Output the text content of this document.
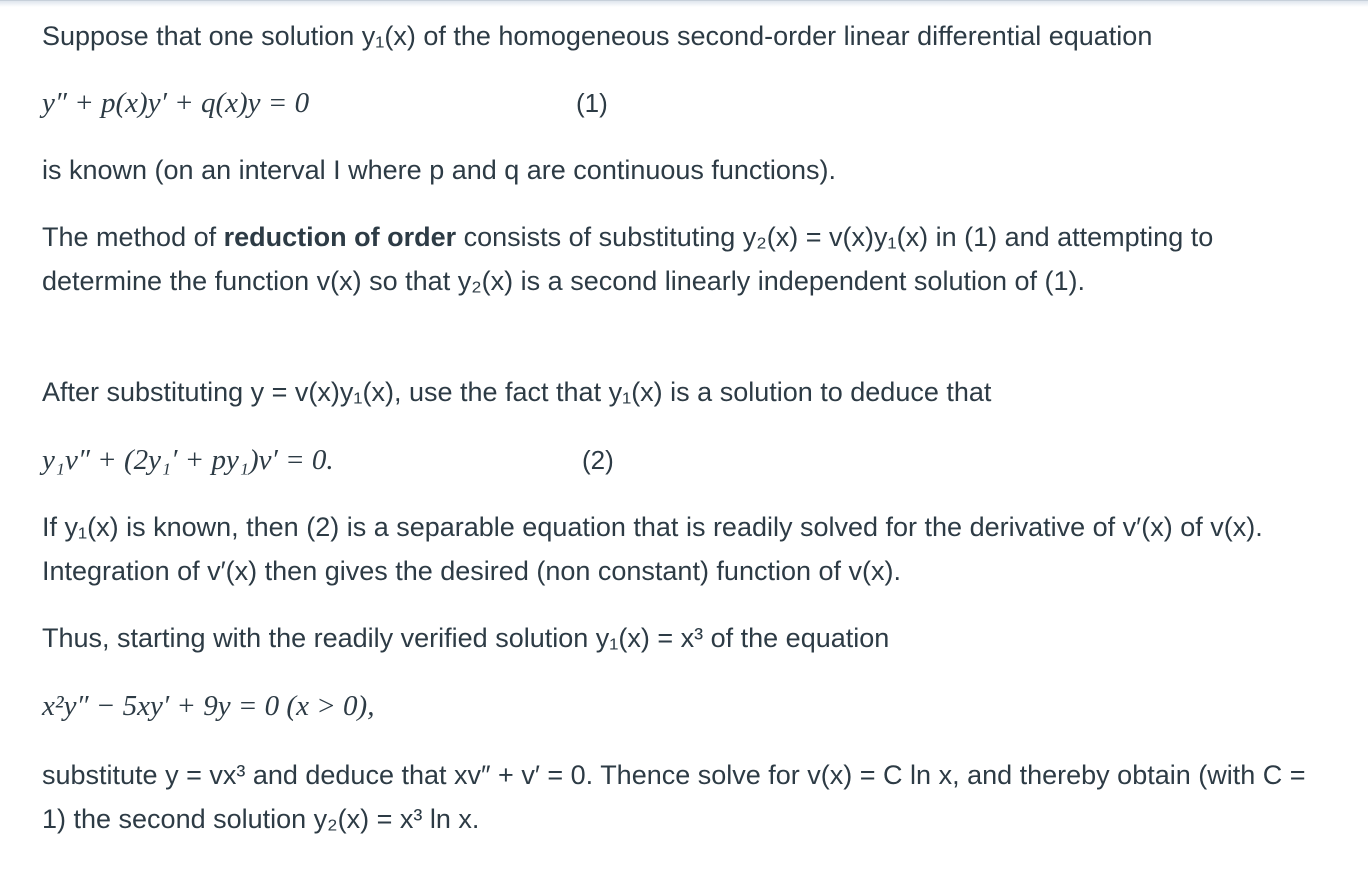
Suppose that one solution y₁(x) of the homogeneous second-order linear differential equation
y″ + p(x)y′ + q(x)y = 0	(1)
is known (on an interval I where p and q are continuous functions).
The method of reduction of order consists of substituting y₂(x) = v(x)y₁(x) in (1) and attempting to determine the function v(x) so that y₂(x) is a second linearly independent solution of (1).
After substituting y = v(x)y₁(x), use the fact that y₁(x) is a solution to deduce that
y₁v″ + (2y₁′ + py₁)v′ = 0.	(2)
If y₁(x) is known, then (2) is a separable equation that is readily solved for the derivative of v′(x) of v(x). Integration of v′(x) then gives the desired (non constant) function of v(x).
Thus, starting with the readily verified solution y₁(x) = x³ of the equation
x²y″ − 5xy′ + 9y = 0 (x > 0),
substitute y = vx³ and deduce that xv″ + v′ = 0. Thence solve for v(x) = C ln x, and thereby obtain (with C = 1) the second solution y₂(x) = x³ ln x.
